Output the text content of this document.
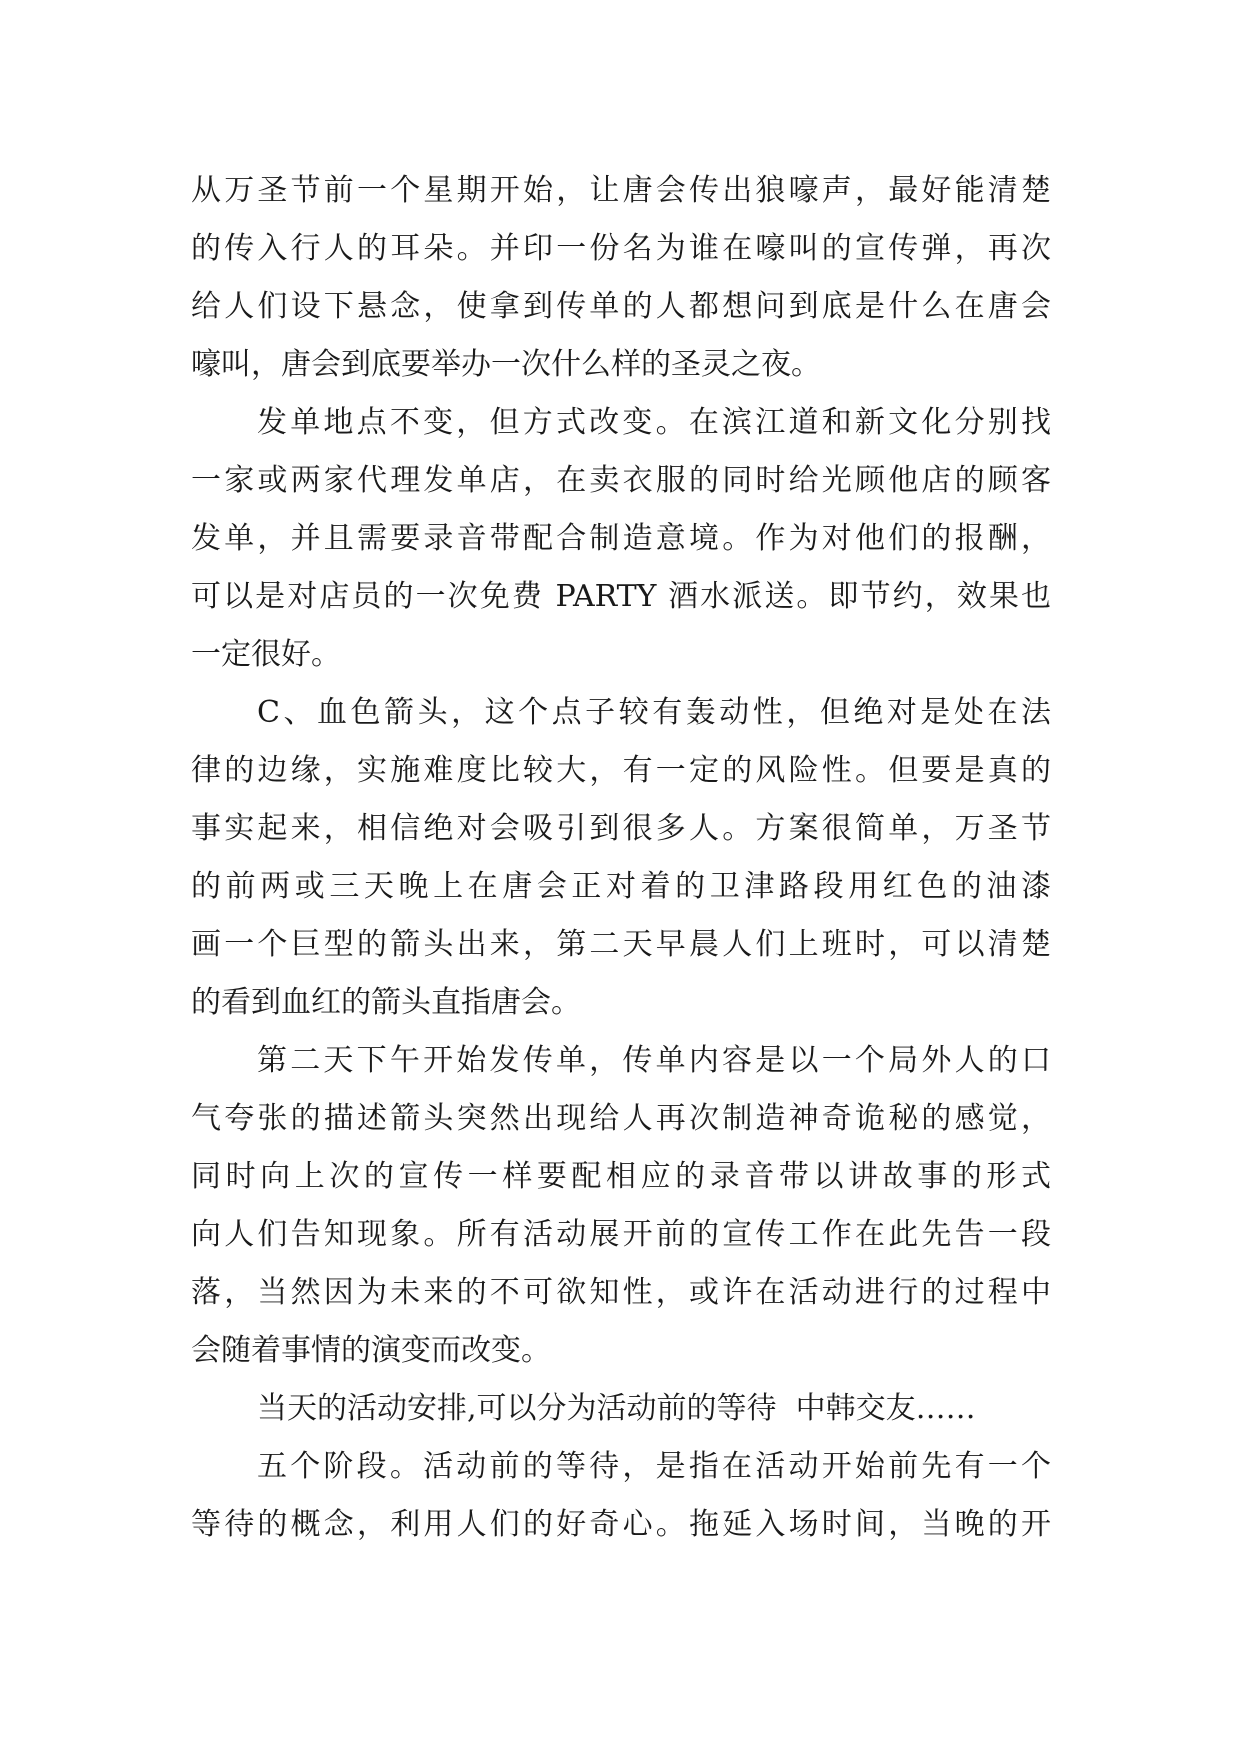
从万圣节前一个星期开始，让唐会传出狼嚎声，最好能清楚
的传入行人的耳朵。并印一份名为谁在嚎叫的宣传弹，再次
给人们设下悬念，使拿到传单的人都想问到底是什么在唐会
嚎叫，唐会到底要举办一次什么样的圣灵之夜。
发单地点不变，但方式改变。在滨江道和新文化分别找
一家或两家代理发单店，在卖衣服的同时给光顾他店的顾客
发单，并且需要录音带配合制造意境。作为对他们的报酬，
可以是对店员的一次免费 PARTY 酒水派送。即节约，效果也
一定很好。
C、血色箭头，这个点子较有轰动性，但绝对是处在法
律的边缘，实施难度比较大，有一定的风险性。但要是真的
事实起来，相信绝对会吸引到很多人。方案很简单，万圣节
的前两或三天晚上在唐会正对着的卫津路段用红色的油漆
画一个巨型的箭头出来，第二天早晨人们上班时，可以清楚
的看到血红的箭头直指唐会。
第二天下午开始发传单，传单内容是以一个局外人的口
气夸张的描述箭头突然出现给人再次制造神奇诡秘的感觉，
同时向上次的宣传一样要配相应的录音带以讲故事的形式
向人们告知现象。所有活动展开前的宣传工作在此先告一段
落，当然因为未来的不可欲知性，或许在活动进行的过程中
会随着事情的演变而改变。
当天的活动安排,可以分为活动前的等待  中韩交友……
五个阶段。活动前的等待，是指在活动开始前先有一个
等待的概念，利用人们的好奇心。拖延入场时间，当晚的开
